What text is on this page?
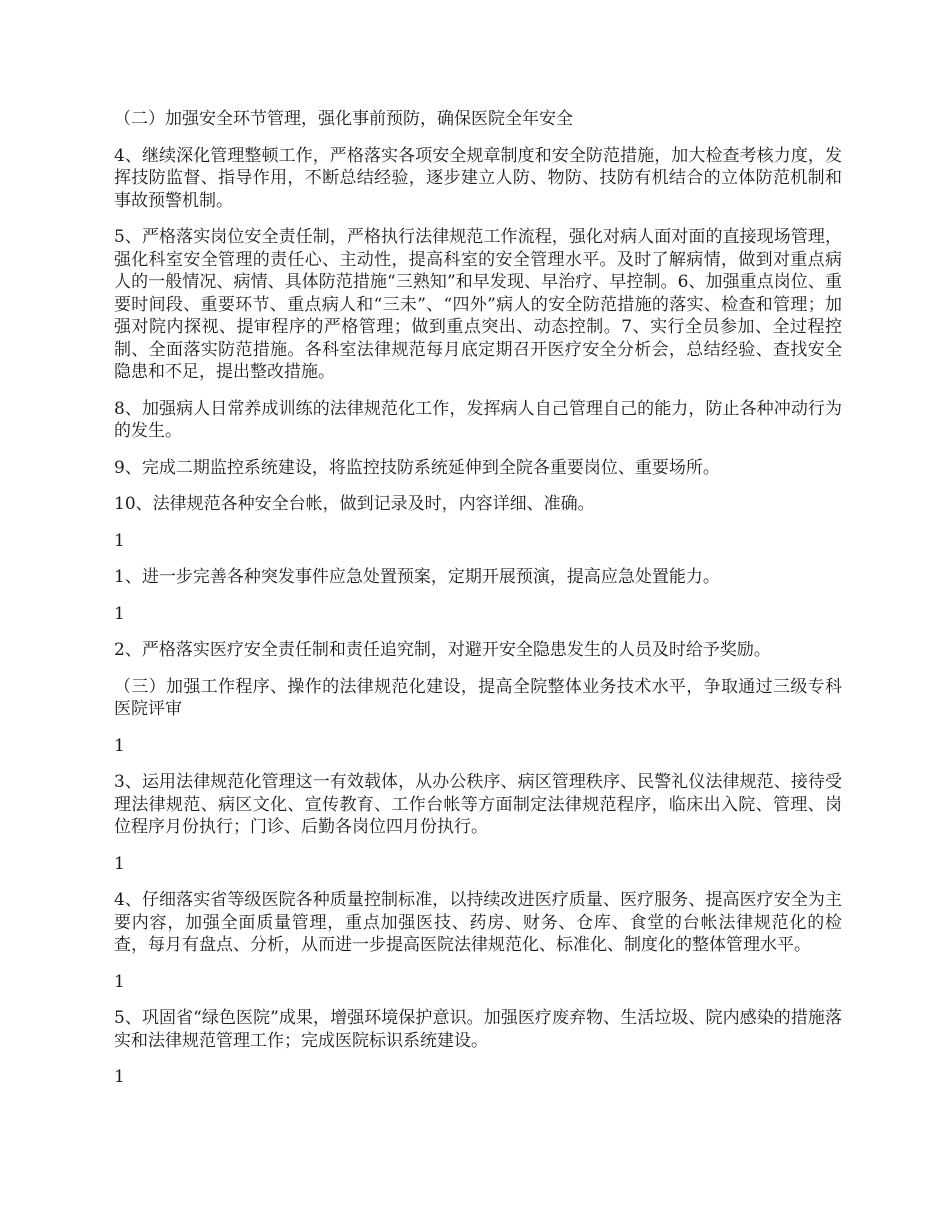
（二）加强安全环节管理，强化事前预防，确保医院全年安全

4、继续深化管理整顿工作，严格落实各项安全规章制度和安全防范措施，加大检查考核力度，发挥技防监督、指导作用，不断总结经验，逐步建立人防、物防、技防有机结合的立体防范机制和事故预警机制。

5、严格落实岗位安全责任制，严格执行法律规范工作流程，强化对病人面对面的直接现场管理，强化科室安全管理的责任心、主动性，提高科室的安全管理水平。及时了解病情，做到对重点病人的一般情况、病情、具体防范措施“三熟知”和早发现、早治疗、早控制。6、加强重点岗位、重要时间段、重要环节、重点病人和“三未”、“四外”病人的安全防范措施的落实、检查和管理；加强对院内探视、提审程序的严格管理；做到重点突出、动态控制。7、实行全员参加、全过程控制、全面落实防范措施。各科室法律规范每月底定期召开医疗安全分析会，总结经验、查找安全隐患和不足，提出整改措施。

8、加强病人日常养成训练的法律规范化工作，发挥病人自己管理自己的能力，防止各种冲动行为的发生。

9、完成二期监控系统建设，将监控技防系统延伸到全院各重要岗位、重要场所。

10、法律规范各种安全台帐，做到记录及时，内容详细、准确。

1

1、进一步完善各种突发事件应急处置预案，定期开展预演，提高应急处置能力。

1

2、严格落实医疗安全责任制和责任追究制，对避开安全隐患发生的人员及时给予奖励。

（三）加强工作程序、操作的法律规范化建设，提高全院整体业务技术水平，争取通过三级专科医院评审

1

3、运用法律规范化管理这一有效载体，从办公秩序、病区管理秩序、民警礼仪法律规范、接待受理法律规范、病区文化、宣传教育、工作台帐等方面制定法律规范程序，临床出入院、管理、岗位程序月份执行；门诊、后勤各岗位四月份执行。

1

4、仔细落实省等级医院各种质量控制标准，以持续改进医疗质量、医疗服务、提高医疗安全为主要内容，加强全面质量管理，重点加强医技、药房、财务、仓库、食堂的台帐法律规范化的检查，每月有盘点、分析，从而进一步提高医院法律规范化、标准化、制度化的整体管理水平。

1

5、巩固省“绿色医院”成果，增强环境保护意识。加强医疗废弃物、生活垃圾、院内感染的措施落实和法律规范管理工作；完成医院标识系统建设。

1
